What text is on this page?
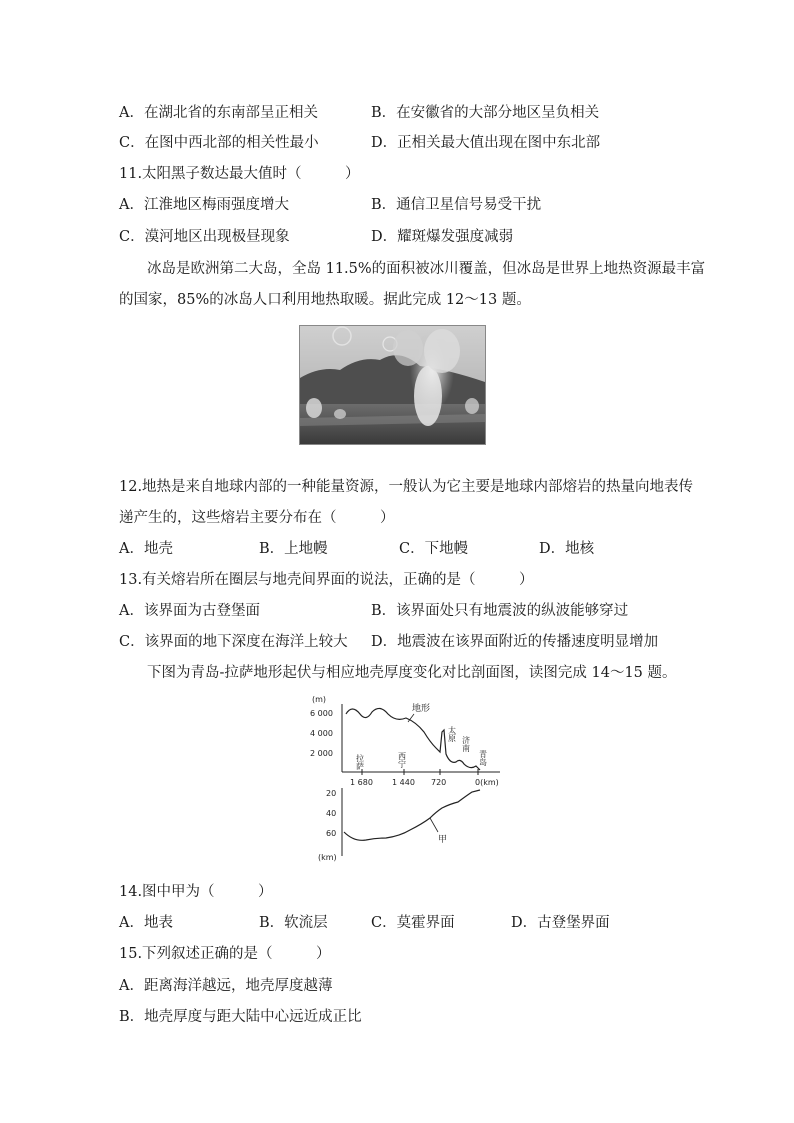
A．在湖北省的东南部呈正相关	B．在安徽省的大部分地区呈负相关
C．在图中西北部的相关性最小	D．正相关最大值出现在图中东北部
11.太阳黑子数达最大值时（　　　）
A．江淮地区梅雨强度增大	B．通信卫星信号易受干扰
C．漠河地区出现极昼现象	D．耀斑爆发强度减弱
冰岛是欧洲第二大岛，全岛 11.5%的面积被冰川覆盖，但冰岛是世界上地热资源最丰富
的国家，85%的冰岛人口利用地热取暖。据此完成 12～13 题。
12.地热是来自地球内部的一种能量资源，一般认为它主要是地球内部熔岩的热量向地表传
递产生的，这些熔岩主要分布在（　　　）
A．地壳	B．上地幔	C．下地幔	D．地核
13.有关熔岩所在圈层与地壳间界面的说法，正确的是（　　　）
A．该界面为古登堡面	B．该界面处只有地震波的纵波能够穿过
C．该界面的地下深度在海洋上较大 D．地震波在该界面附近的传播速度明显增加
下图为青岛-拉萨地形起伏与相应地壳厚度变化对比剖面图，读图完成 14～15 题。
(m)
6 000
4 000
2 000
1 680 1 440 720	0(km)
地形
拉萨	西宁
太原
济南
青岛
20
40
60
(km)
甲
14.图中甲为（　　　）
A．地表	B．软流层	C．莫霍界面	D．古登堡界面
15.下列叙述正确的是（　　　）
A．距离海洋越远，地壳厚度越薄
B．地壳厚度与距大陆中心远近成正比
